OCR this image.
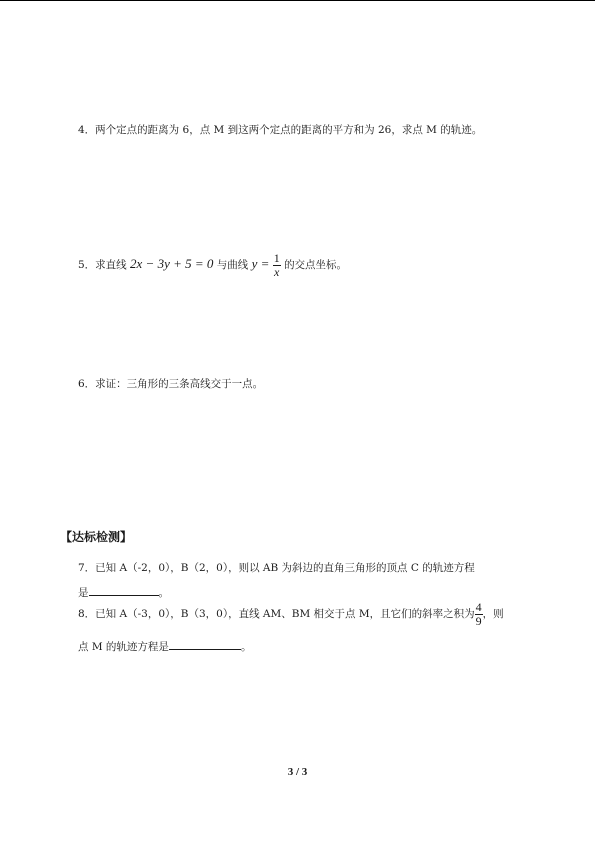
4．两个定点的距离为 6，点 M 到这两个定点的距离的平方和为 26，求点 M 的轨迹。
5．求直线 2x − 3y + 5 = 0 与曲线 $y = \frac{1}{x}$ 的交点坐标。
6．求证：三角形的三条高线交于一点。
【达标检测】
7．已知 A（-2，0），B（2，0），则以 AB 为斜边的直角三角形的顶点 C 的轨迹方程
是	。
8．已知 A（-3，0），B（3，0），直线 AM、BM 相交于点 M，且它们的斜率之积为 $\frac{4}{9}$ ，则
点 M 的轨迹方程是	。
3 / 3
